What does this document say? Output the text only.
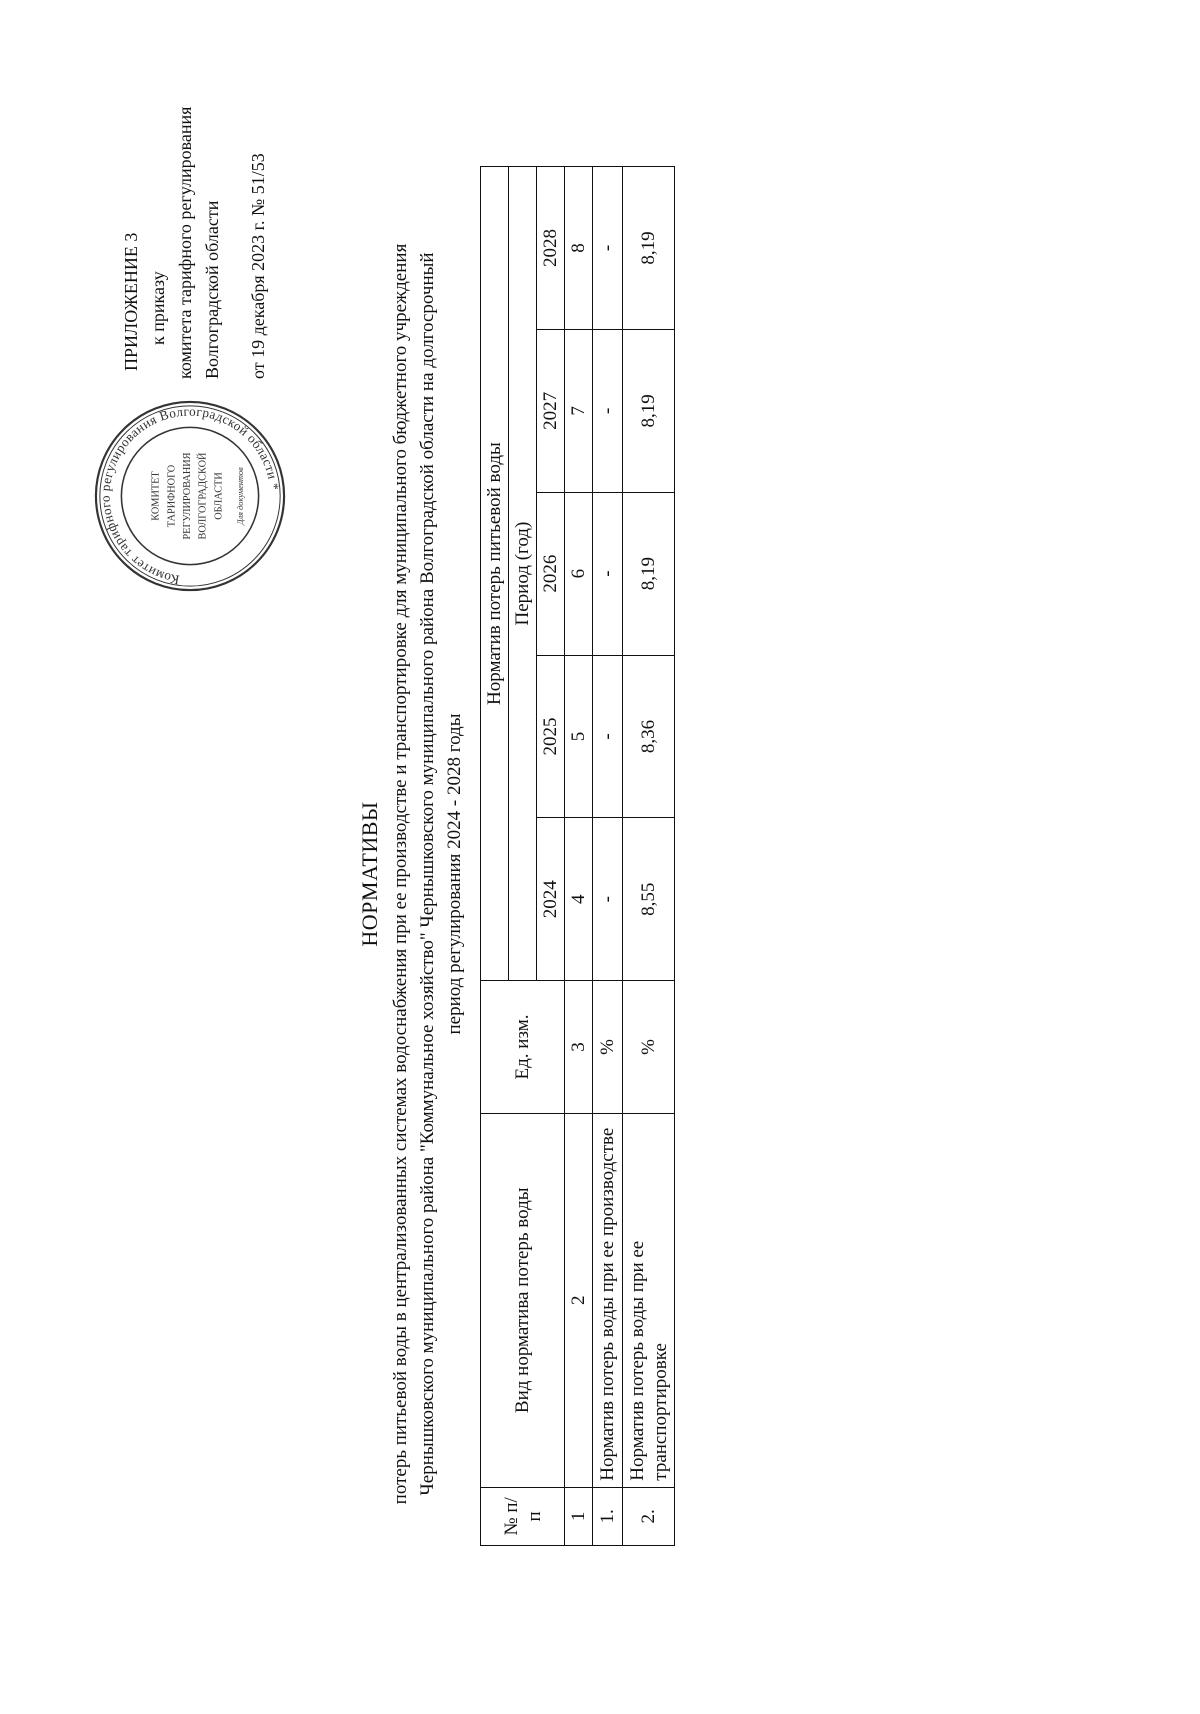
ПРИЛОЖЕНИЕ 3 к приказу комитета тарифного регулирования Волгоградской области от 19 декабря 2023 г. № 51/53
Комитет тарифного регулирования Волгоградской области *
КОМИТЕТ ТАРИФНОГО РЕГУЛИРОВАНИЯ ВОЛГОГРАДСКОЙ ОБЛАСТИ Для документов
НОРМАТИВЫ потерь питьевой воды в централизованных системах водоснабжения при ее производстве и транспортировке для муниципального бюджетного учреждения Чернышковского муниципального района "Коммунальное хозяйство" Чернышковского муниципального района Волгоградской области на долгосрочный период регулирования 2024 - 2028 годы
№ п/п	Вид норматива потерь воды	Ед. изм.	Норматив потерь питьевой воды				
			Период (год)				
			2024	2025	2026	2027	2028
1	2	3	4	5	6	7	8
1.	Норматив потерь воды при ее производстве	%	-	-	-	-	-
2.	Норматив потерь воды при ее транспортировке	%	8,55	8,36	8,19	8,19	8,19
